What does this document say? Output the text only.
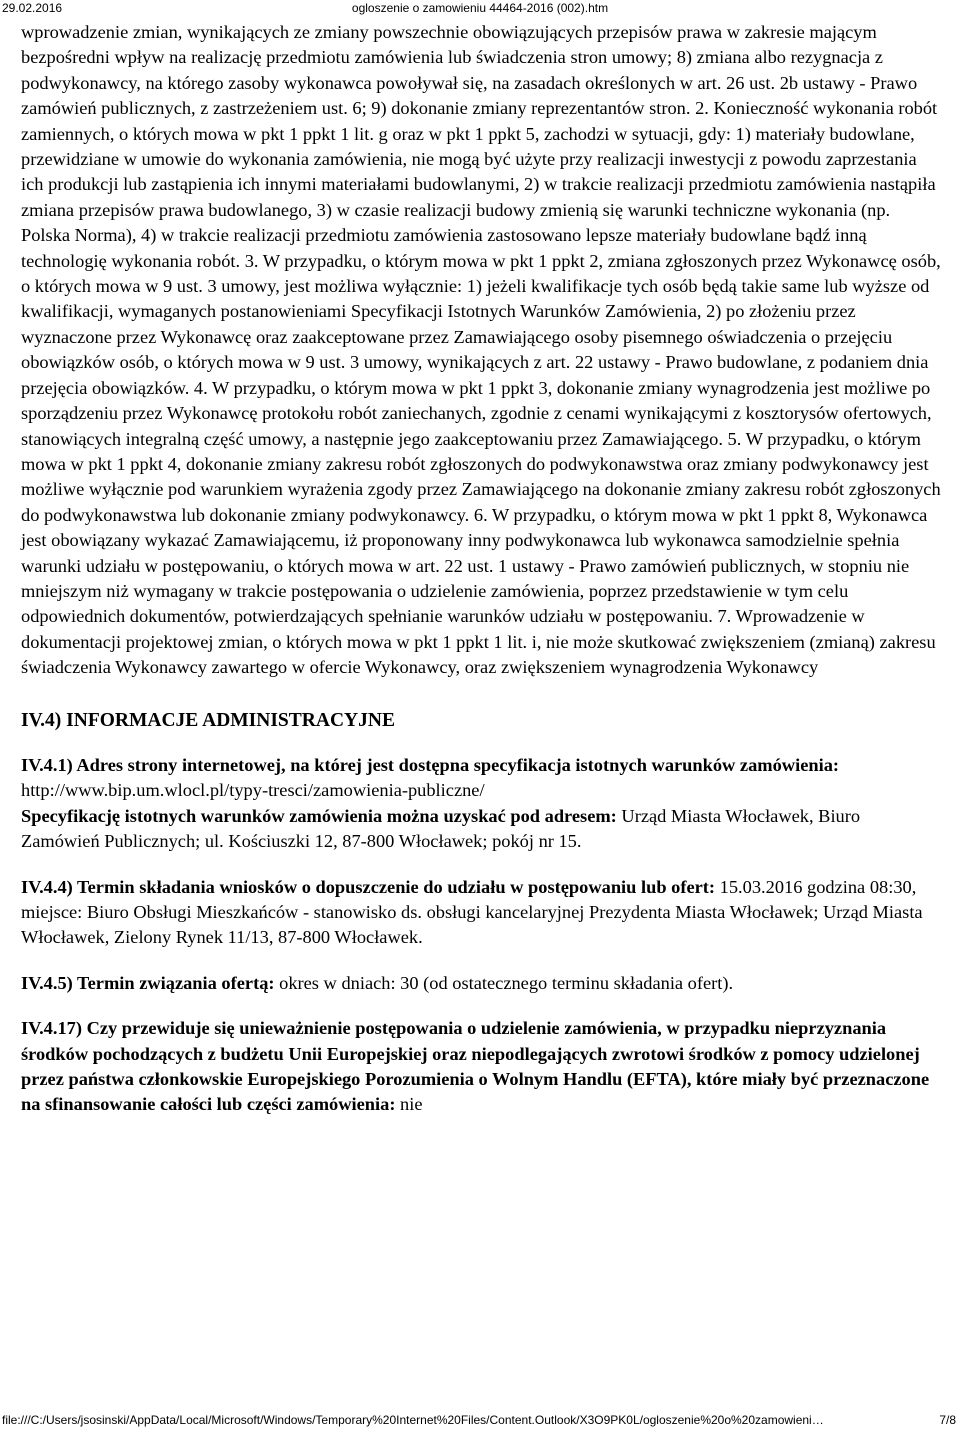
ogloszenie o zamowieniu 44464-2016 (002).htm
29.02.2016

wprowadzenie zmian, wynikających ze zmiany powszechnie obowiązujących przepisów prawa w zakresie mającym bezpośredni wpływ na realizację przedmiotu zamówienia lub świadczenia stron umowy; 8) zmiana albo rezygnacja z podwykonawcy, na którego zasoby wykonawca powoływał się, na zasadach określonych w art. 26 ust. 2b ustawy - Prawo zamówień publicznych, z zastrzeżeniem ust. 6; 9) dokonanie zmiany reprezentantów stron. 2. Konieczność wykonania robót zamiennych, o których mowa w pkt 1 ppkt 1 lit. g oraz w pkt 1 ppkt 5, zachodzi w sytuacji, gdy: 1) materiały budowlane, przewidziane w umowie do wykonania zamówienia, nie mogą być użyte przy realizacji inwestycji z powodu zaprzestania ich produkcji lub zastąpienia ich innymi materiałami budowlanymi, 2) w trakcie realizacji przedmiotu zamówienia nastąpiła zmiana przepisów prawa budowlanego, 3) w czasie realizacji budowy zmienią się warunki techniczne wykonania (np. Polska Norma), 4) w trakcie realizacji przedmiotu zamówienia zastosowano lepsze materiały budowlane bądź inną technologię wykonania robót. 3. W przypadku, o którym mowa w pkt 1 ppkt 2, zmiana zgłoszonych przez Wykonawcę osób, o których mowa w 9 ust. 3 umowy, jest możliwa wyłącznie: 1) jeżeli kwalifikacje tych osób będą takie same lub wyższe od kwalifikacji, wymaganych postanowieniami Specyfikacji Istotnych Warunków Zamówienia, 2) po złożeniu przez wyznaczone przez Wykonawcę oraz zaakceptowane przez Zamawiającego osoby pisemnego oświadczenia o przejęciu obowiązków osób, o których mowa w 9 ust. 3 umowy, wynikających z art. 22 ustawy - Prawo budowlane, z podaniem dnia przejęcia obowiązków. 4. W przypadku, o którym mowa w pkt 1 ppkt 3, dokonanie zmiany wynagrodzenia jest możliwe po sporządzeniu przez Wykonawcę protokołu robót zaniechanych, zgodnie z cenami wynikającymi z kosztorysów ofertowych, stanowiących integralną część umowy, a następnie jego zaakceptowaniu przez Zamawiającego. 5. W przypadku, o którym mowa w pkt 1 ppkt 4, dokonanie zmiany zakresu robót zgłoszonych do podwykonawstwa oraz zmiany podwykonawcy jest możliwe wyłącznie pod warunkiem wyrażenia zgody przez Zamawiającego na dokonanie zmiany zakresu robót zgłoszonych do podwykonawstwa lub dokonanie zmiany podwykonawcy. 6. W przypadku, o którym mowa w pkt 1 ppkt 8, Wykonawca jest obowiązany wykazać Zamawiającemu, iż proponowany inny podwykonawca lub wykonawca samodzielnie spełnia warunki udziału w postępowaniu, o których mowa w art. 22 ust. 1 ustawy - Prawo zamówień publicznych, w stopniu nie mniejszym niż wymagany w trakcie postępowania o udzielenie zamówienia, poprzez przedstawienie w tym celu odpowiednich dokumentów, potwierdzających spełnianie warunków udziału w postępowaniu. 7. Wprowadzenie w dokumentacji projektowej zmian, o których mowa w pkt 1 ppkt 1 lit. i, nie może skutkować zwiększeniem (zmianą) zakresu świadczenia Wykonawcy zawartego w ofercie Wykonawcy, oraz zwiększeniem wynagrodzenia Wykonawcy

IV.4) INFORMACJE ADMINISTRACYJNE

IV.4.1) Adres strony internetowej, na której jest dostępna specyfikacja istotnych warunków zamówienia: http://www.bip.um.wlocl.pl/typy-tresci/zamowienia-publiczne/

Specyfikację istotnych warunków zamówienia można uzyskać pod adresem: Urząd Miasta Włocławek, Biuro Zamówień Publicznych; ul. Kościuszki 12, 87-800 Włocławek; pokój nr 15.

IV.4.4) Termin składania wniosków o dopuszczenie do udziału w postępowaniu lub ofert: 15.03.2016 godzina 08:30, miejsce: Biuro Obsługi Mieszkańców - stanowisko ds. obsługi kancelaryjnej Prezydenta Miasta Włocławek; Urząd Miasta Włocławek, Zielony Rynek 11/13, 87-800 Włocławek.

IV.4.5) Termin związania ofertą: okres w dniach: 30 (od ostatecznego terminu składania ofert).

IV.4.17) Czy przewiduje się unieważnienie postępowania o udzielenie zamówienia, w przypadku nieprzyznania środków pochodzących z budżetu Unii Europejskiej oraz niepodlegających zwrotowi środków z pomocy udzielonej przez państwa członkowskie Europejskiego Porozumienia o Wolnym Handlu (EFTA), które miały być przeznaczone na sfinansowanie całości lub części zamówienia: nie

file:///C:/Users/jsosinski/AppData/Local/Microsoft/Windows/Temporary%20Internet%20Files/Content.Outlook/X3O9PK0L/ogloszenie%20o%20zamowieni…	7/8
